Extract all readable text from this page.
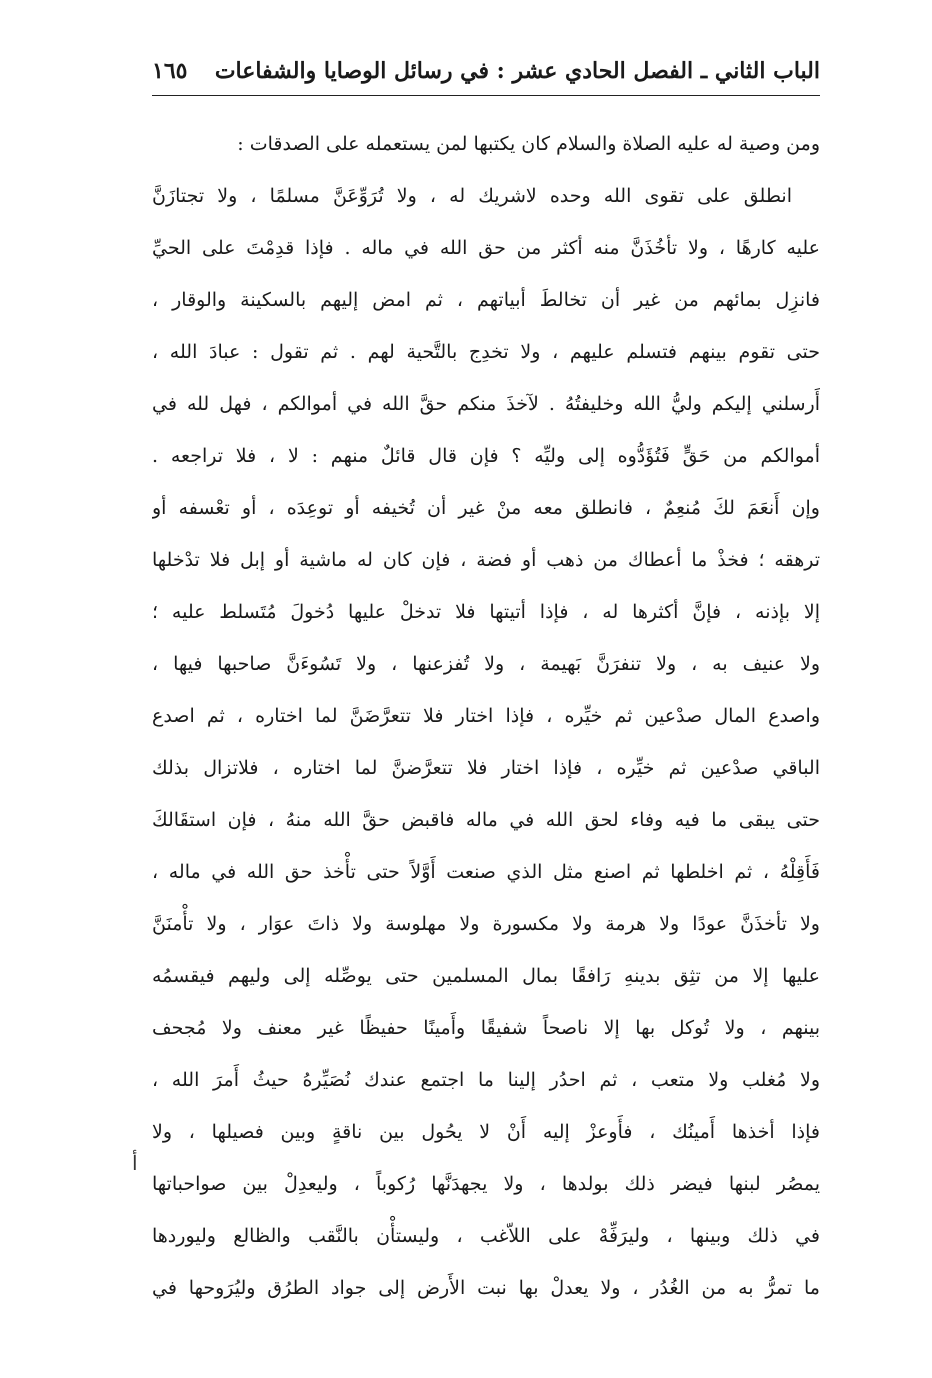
الباب الثاني ـ الفصل الحادي عشر : في رسائل الوصايا والشفاعات
١٦٥
ومن وصية له عليه الصلاة والسلام كان يكتبها لمن يستعمله على الصدقات :
انطلق على تقوى الله وحده لاشريك له ، ولا تُرَوِّعَنَّ مسلمًا ، ولا تجتازَنَّ
عليه كارهًا ، ولا تأخُذَنَّ منه أكثر من حق الله في ماله . فإذا قدِمْتَ على الحيِّ
فانزِل بمائهم من غير أن تخالطَ أبياتهم ، ثم امض إليهم بالسكينة والوقار ،
حتى تقوم بينهم فتسلم عليهم ، ولا تخدِج بالتَّحية لهم . ثم تقول : عبادَ الله ،
أَرسلني إليكم وليُّ الله وخليفتُهُ . لآخذَ منكم حقَّ الله في أموالكم ، فهل لله في
أموالكم من حَقٍّ فَتُؤَدُّوه إلى وليِّه ؟ فإن قال قائلٌ منهم : لا ، فلا تراجعه .
وإن أَنعَمَ لكَ مُنعِمٌ ، فانطلق معه منْ غير أن تُخيفه أو توعِدَه ، أو تعْسفه أو
ترهقه ؛ فخذْ ما أعطاك من ذهب أو فضة ، فإن كان له ماشية أو إبل فلا تدْخلها
إلا بإذنه ، فإنَّ أكثرها له ، فإذا أتيتها فلا تدخلْ عليها دُخولَ مُتَسلط عليه ؛
ولا عنيف به ، ولا تنفرَنَّ بَهيمة ، ولا تُفزعنها ، ولا تَسُوءَنَّ صاحبها فيها ،
واصدع المال صدْعين ثم خيِّره ، فإذا اختار فلا تتعرَّضَنَّ لما اختاره ، ثم اصدع
الباقي صدْعين ثم خيِّره ، فإذا اختار فلا تتعرَّضنَّ لما اختاره ، فلاتزال بذلك
حتى يبقى ما فيه وفاء لحق الله في ماله فاقبض حقَّ الله منهُ ، فإن استقَالكَ
فَأَقِلْهُ ، ثم اخلطها ثم اصنع مثل الذي صنعت أَوَّلاً حتى تأْخذ حق الله في ماله ،
ولا تأخذَنَّ عودًا ولا هرمة ولا مكسورة ولا مهلوسة ولا ذاتَ عوَار ، ولا تأْمنَنَّ
عليها إلا من تثِق بدينهِ رَافقًا بمال المسلمين حتى يوصِّله إلى وليهم فيقسمُه
بينهم ، ولا تُوكل بها إلا ناصحاً شفيقًا وأَمينًا حفيظًا غير معنف ولا مُجحف
ولا مُغلب ولا متعب ، ثم احدُر إلينا ما اجتمع عندك نُصَيِّرهُ حيثُ أَمرَ الله ،
فإذا أخذها أَمينُك ، فأَوعزْ إليه أَنْ لا يحُول بين ناقةٍ وبين فصيلها ، ولا
يمصُر لبنها فيضر ذلك بولدها ، ولا يجهدَنَّها رُكوباً ، وليعدِلْ بين صواحباتها
في ذلك وبينها ، وليرَفِّهْ على اللاّغب ، وليستأْن بالنَّقب والظالع وليوردها
ما تمرُّ به من الغُدُر ، ولا يعدلْ بها نبت الأَرض إلى جواد الطرُق وليُرَوحها في
أ
